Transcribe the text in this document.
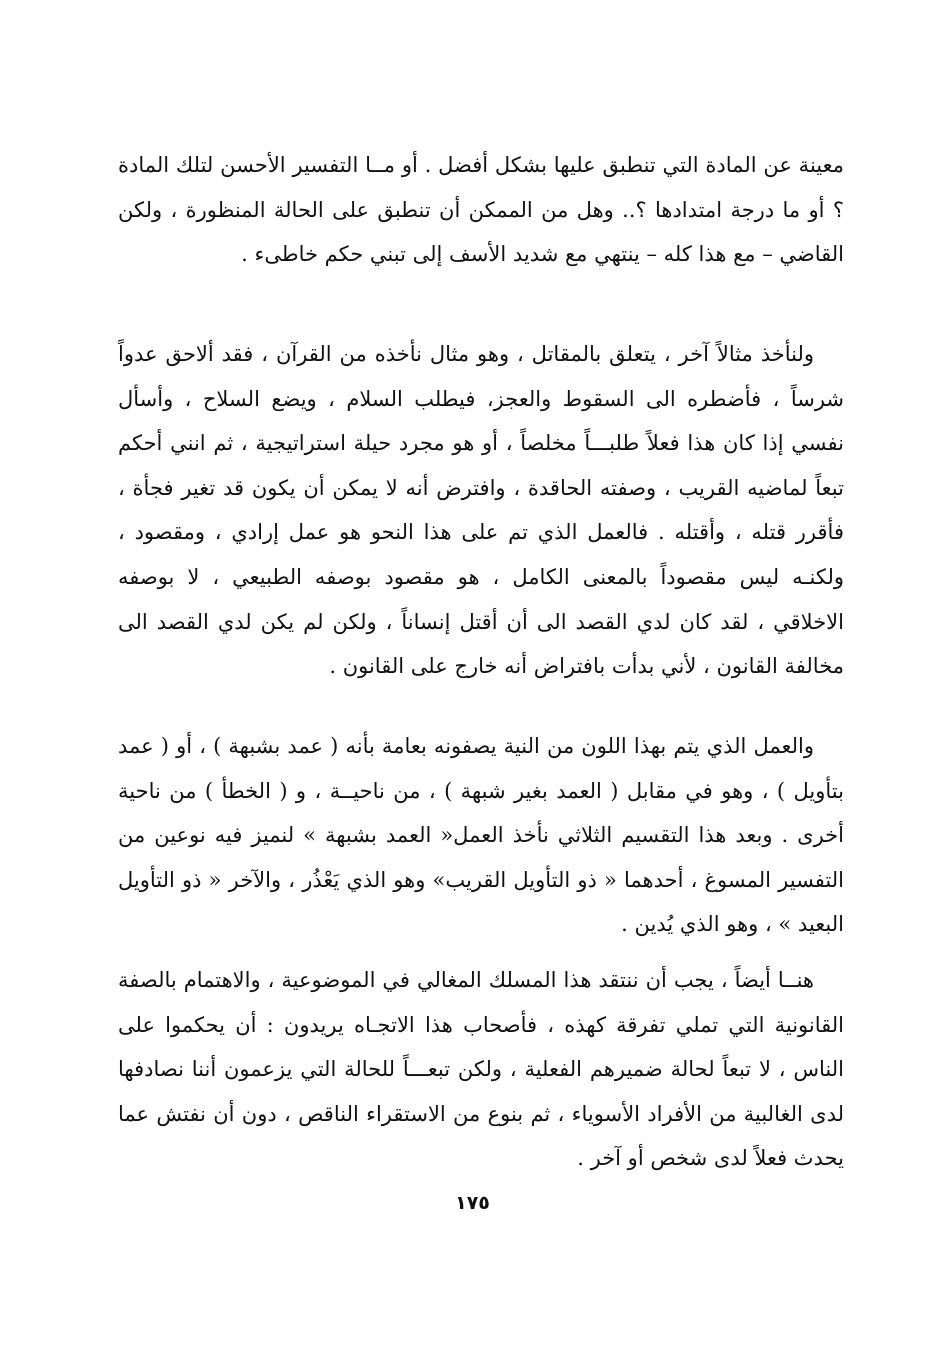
معينة عن المادة التي تنطبق عليها بشكل أفضل . أو مــا التفسير الأحسن لتلك المادة ؟ أو ما درجة امتدادها ؟.. وهل من الممكن أن تنطبق على الحالة المنظورة ، ولكن القاضي – مع هذا كله – ينتهي مع شديد الأسف إلى تبني حكم خاطىء .

ولنأخذ مثالاً آخر ، يتعلق بالمقاتل ، وهو مثال نأخذه من القرآن ، فقد ألاحق عدواً شرساً ، فأضطره الى السقوط والعجز، فيطلب السلام ، ويضع السلاح ، وأسأل نفسي إذا كان هذا فعلاً طلبـــاً مخلصاً ، أو هو مجرد حيلة استراتيجية ، ثم انني أحكم تبعاً لماضيه القريب ، وصفته الحاقدة ، وافترض أنه لا يمكن أن يكون قد تغير فجأة ، فأقرر قتله ، وأقتله . فالعمل الذي تم على هذا النحو هو عمل إرادي ، ومقصود ، ولكنـه ليس مقصوداً بالمعنى الكامل ، هو مقصود بوصفه الطبيعي ، لا بوصفه الاخلاقي ، لقد كان لدي القصد الى أن أقتل إنساناً ، ولكن لم يكن لدي القصد الى مخالفة القانون ، لأني بدأت بافتراض أنه خارج على القانون .

والعمل الذي يتم بهذا اللون من النية يصفونه بعامة بأنه ( عمد بشبهة ) ، أو ( عمد بتأويل ) ، وهو في مقابل ( العمد بغير شبهة ) ، من ناحيــة ، و ( الخطأ ) من ناحية أخرى . وبعد هذا التقسيم الثلاثي نأخذ العمل« العمد بشبهة » لنميز فيه نوعين من التفسير المسوغ ، أحدهما « ذو التأويل القريب» وهو الذي يَعْذُر ، والآخر « ذو التأويل البعيد » ، وهو الذي يُدين .

هنــا أيضاً ، يجب أن ننتقد هذا المسلك المغالي في الموضوعية ، والاهتمام بالصفة القانونية التي تملي تفرقة كهذه ، فأصحاب هذا الاتجـاه يريدون : أن يحكموا على الناس ، لا تبعاً لحالة ضميرهم الفعلية ، ولكن تبعـــاً للحالة التي يزعمون أننا نصادفها لدى الغالبية من الأفراد الأسوياء ، ثم بنوع من الاستقراء الناقص ، دون أن نفتش عما يحدث فعلاً لدى شخص أو آخر .

١٧٥
